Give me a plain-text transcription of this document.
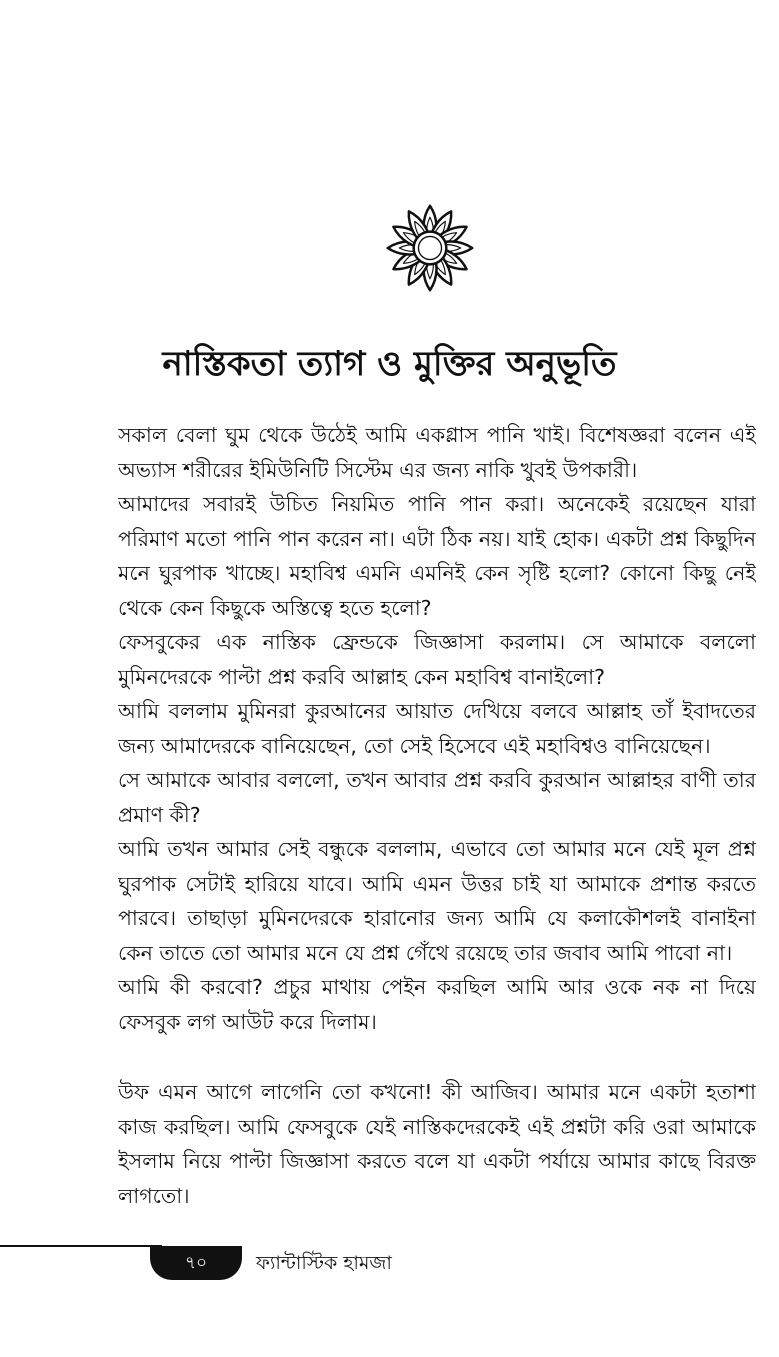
নাস্তিকতা ত্যাগ ও মুক্তির অনুভূতি

সকাল বেলা ঘুম থেকে উঠেই আমি একগ্লাস পানি খাই। বিশেষজ্ঞরা বলেন এই অভ্যাস শরীরের ইমিউনিটি সিস্টেম এর জন্য নাকি খুবই উপকারী।

আমাদের সবারই উচিত নিয়মিত পানি পান করা। অনেকেই রয়েছেন যারা পরিমাণ মতো পানি পান করেন না। এটা ঠিক নয়। যাই হোক। একটা প্রশ্ন কিছুদিন মনে ঘুরপাক খাচ্ছে। মহাবিশ্ব এমনি এমনিই কেন সৃষ্টি হলো? কোনো কিছু নেই থেকে কেন কিছুকে অস্তিত্বে হতে হলো?

ফেসবুকের এক নাস্তিক ফ্রেন্ডকে জিজ্ঞাসা করলাম। সে আমাকে বললো মুমিনদেরকে পাল্টা প্রশ্ন করবি আল্লাহ কেন মহাবিশ্ব বানাইলো?

আমি বললাম মুমিনরা কুরআনের আয়াত দেখিয়ে বলবে আল্লাহ তাঁ ইবাদতের জন্য আমাদেরকে বানিয়েছেন, তো সেই হিসেবে এই মহাবিশ্বও বানিয়েছেন।

সে আমাকে আবার বললো, তখন আবার প্রশ্ন করবি কুরআন আল্লাহর বাণী তার প্রমাণ কী?

আমি তখন আমার সেই বন্ধুকে বললাম, এভাবে তো আমার মনে যেই মূল প্রশ্ন ঘুরপাক সেটাই হারিয়ে যাবে। আমি এমন উত্তর চাই যা আমাকে প্রশান্ত করতে পারবে। তাছাড়া মুমিনদেরকে হারানোর জন্য আমি যে কলাকৌশলই বানাইনা কেন তাতে তো আমার মনে যে প্রশ্ন গেঁথে রয়েছে তার জবাব আমি পাবো না।

আমি কী করবো? প্রচুর মাথায় পেইন করছিল আমি আর ওকে নক না দিয়ে ফেসবুক লগ আউট করে দিলাম।

উফ এমন আগে লাগেনি তো কখনো! কী আজিব। আমার মনে একটা হতাশা কাজ করছিল। আমি ফেসবুকে যেই নাস্তিকদেরকেই এই প্রশ্নটা করি ওরা আমাকে ইসলাম নিয়ে পাল্টা জিজ্ঞাসা করতে বলে যা একটা পর্যায়ে আমার কাছে বিরক্ত লাগতো।

৭০	ফ্যান্টাস্টিক হামজা
